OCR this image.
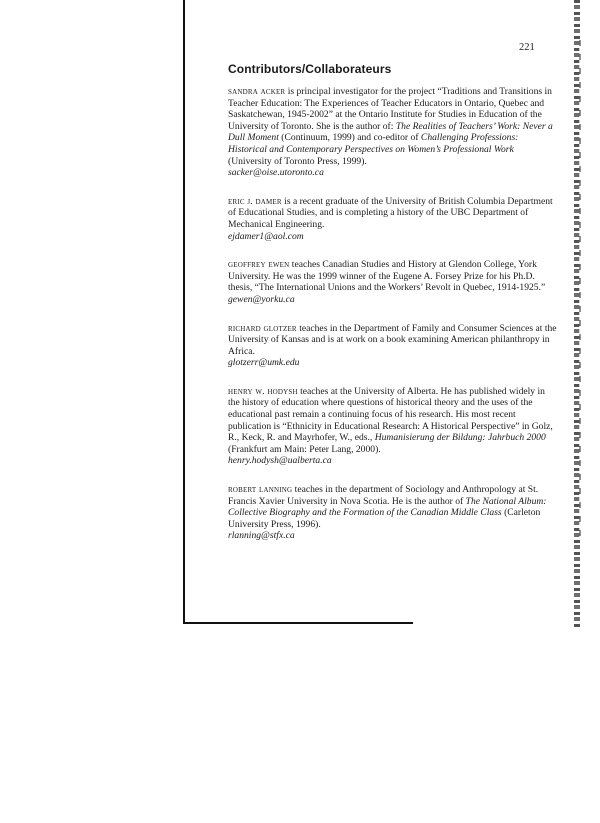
221
Contributors/Collaborateurs
sandra acker is principal investigator for the project “Traditions and Transitions in Teacher Education: The Experiences of Teacher Educators in Ontario, Quebec and Saskatchewan, 1945-2002” at the Ontario Institute for Studies in Education of the University of Toronto. She is the author of: The Realities of Teachers’ Work: Never a Dull Moment (Continuum, 1999) and co-editor of Challenging Professions: Historical and Contemporary Perspectives on Women’s Professional Work (University of Toronto Press, 1999).
sacker@oise.utoronto.ca
eric j. damer is a recent graduate of the University of British Columbia Department of Educational Studies, and is completing a history of the UBC Department of Mechanical Engineering.
ejdamer1@aol.com
geoffrey ewen teaches Canadian Studies and History at Glendon College, York University. He was the 1999 winner of the Eugene A. Forsey Prize for his Ph.D. thesis, “The International Unions and the Workers’ Revolt in Quebec, 1914-1925.”
gewen@yorku.ca
richard glotzer teaches in the Department of Family and Consumer Sciences at the University of Kansas and is at work on a book examining American philanthropy in Africa.
glotzerr@umk.edu
henry w. hodysh teaches at the University of Alberta. He has published widely in the history of education where questions of historical theory and the uses of the educational past remain a continuing focus of his research. His most recent publication is “Ethnicity in Educational Research: A Historical Perspective” in Golz, R., Keck, R. and Mayrhofer, W., eds., Humanisierung der Bildung: Jahrbuch 2000 (Frankfurt am Main: Peter Lang, 2000).
henry.hodysh@ualberta.ca
robert lanning teaches in the department of Sociology and Anthropology at St. Francis Xavier University in Nova Scotia. He is the author of The National Album: Collective Biography and the Formation of the Canadian Middle Class (Carleton University Press, 1996).
rlanning@stfx.ca
